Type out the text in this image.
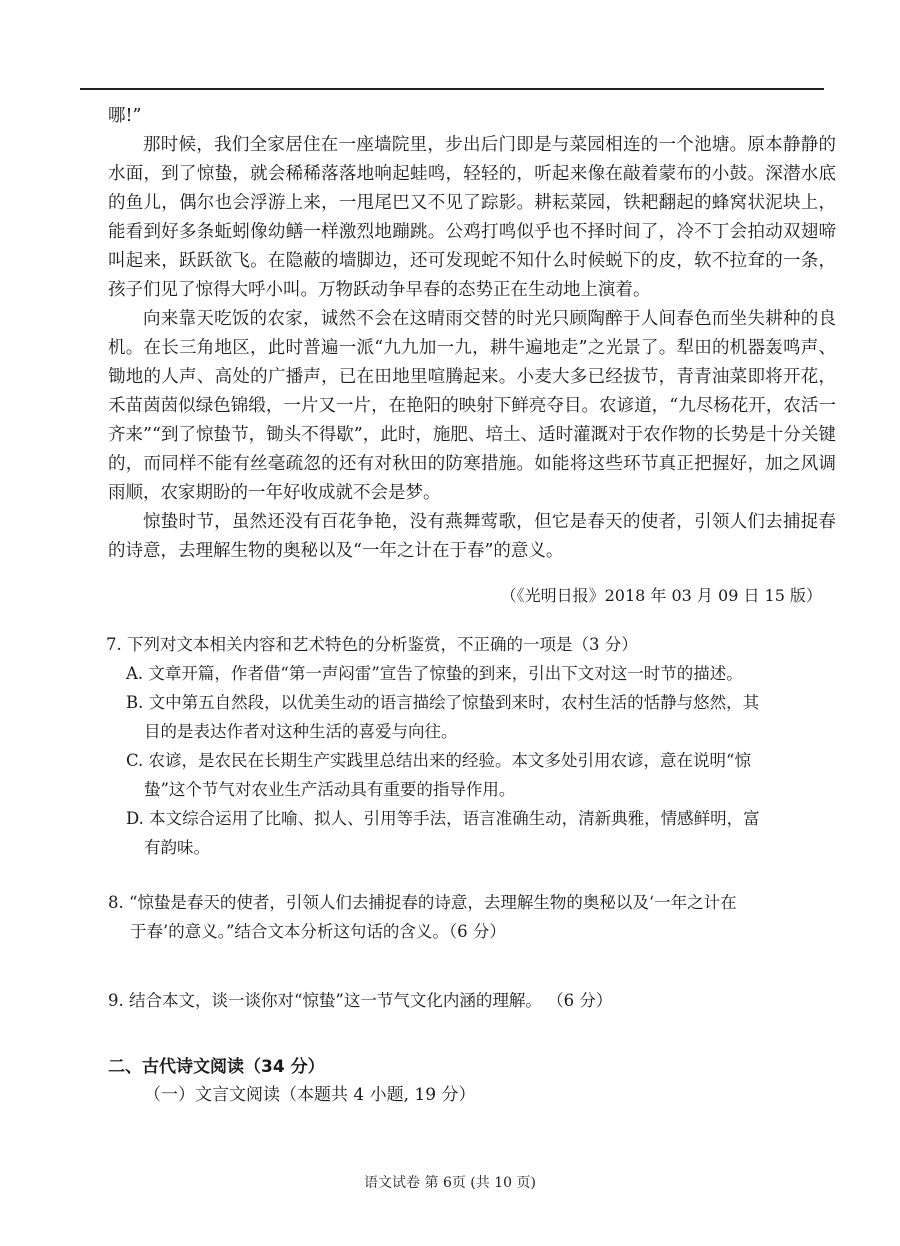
哪!”

那时候，我们全家居住在一座墙院里，步出后门即是与菜园相连的一个池塘。原本静静的水面，到了惊蛰，就会稀稀落落地响起蛙鸣，轻轻的，听起来像在敲着蒙布的小鼓。深潜水底的鱼儿，偶尔也会浮游上来，一甩尾巴又不见了踪影。耕耘菜园，铁耙翻起的蜂窝状泥块上，能看到好多条蚯蚓像幼鳝一样激烈地蹦跳。公鸡打鸣似乎也不择时间了，冷不丁会拍动双翅啼叫起来，跃跃欲飞。在隐蔽的墙脚边，还可发现蛇不知什么时候蜕下的皮，软不拉耷的一条，孩子们见了惊得大呼小叫。万物跃动争早春的态势正在生动地上演着。

向来靠天吃饭的农家，诚然不会在这晴雨交替的时光只顾陶醉于人间春色而坐失耕种的良机。在长三角地区，此时普遍一派“九九加一九，耕牛遍地走”之光景了。犁田的机器轰鸣声、锄地的人声、高处的广播声，已在田地里喧腾起来。小麦大多已经拔节，青青油菜即将开花，禾苗茵茵似绿色锦缎，一片又一片，在艳阳的映射下鲜亮夺目。农谚道，“九尽杨花开，农活一齐来”“到了惊蛰节，锄头不得歇”，此时，施肥、培土、适时灌溉对于农作物的长势是十分关键的，而同样不能有丝毫疏忽的还有对秋田的防寒措施。如能将这些环节真正把握好，加之风调雨顺，农家期盼的一年好收成就不会是梦。

惊蛰时节，虽然还没有百花争艳，没有燕舞莺歌，但它是春天的使者，引领人们去捕捉春的诗意，去理解生物的奥秘以及“一年之计在于春”的意义。

（《光明日报》2018 年 03 月 09 日 15 版）

7. 下列对文本相关内容和艺术特色的分析鉴赏，不正确的一项是（3 分）

A. 文章开篇，作者借“第一声闷雷”宣告了惊蛰的到来，引出下文对这一时节的描述。

B. 文中第五自然段，以优美生动的语言描绘了惊蛰到来时，农村生活的恬静与悠然，其
目的是表达作者对这种生活的喜爱与向往。

C. 农谚，是农民在长期生产实践里总结出来的经验。本文多处引用农谚，意在说明“惊
蛰”这个节气对农业生产活动具有重要的指导作用。

D. 本文综合运用了比喻、拟人、引用等手法，语言准确生动，清新典雅，情感鲜明，富
有韵味。

8. “惊蛰是春天的使者，引领人们去捕捉春的诗意，去理解生物的奥秘以及‘一年之计在
于春’的意义。”结合文本分析这句话的含义。（6 分）

9. 结合本文，谈一谈你对“惊蛰”这一节气文化内涵的理解。 （6 分）

二、古代诗文阅读（34 分）

（一）文言文阅读（本题共 4 小题, 19 分）

语文试卷 第 6页 (共 10 页)
